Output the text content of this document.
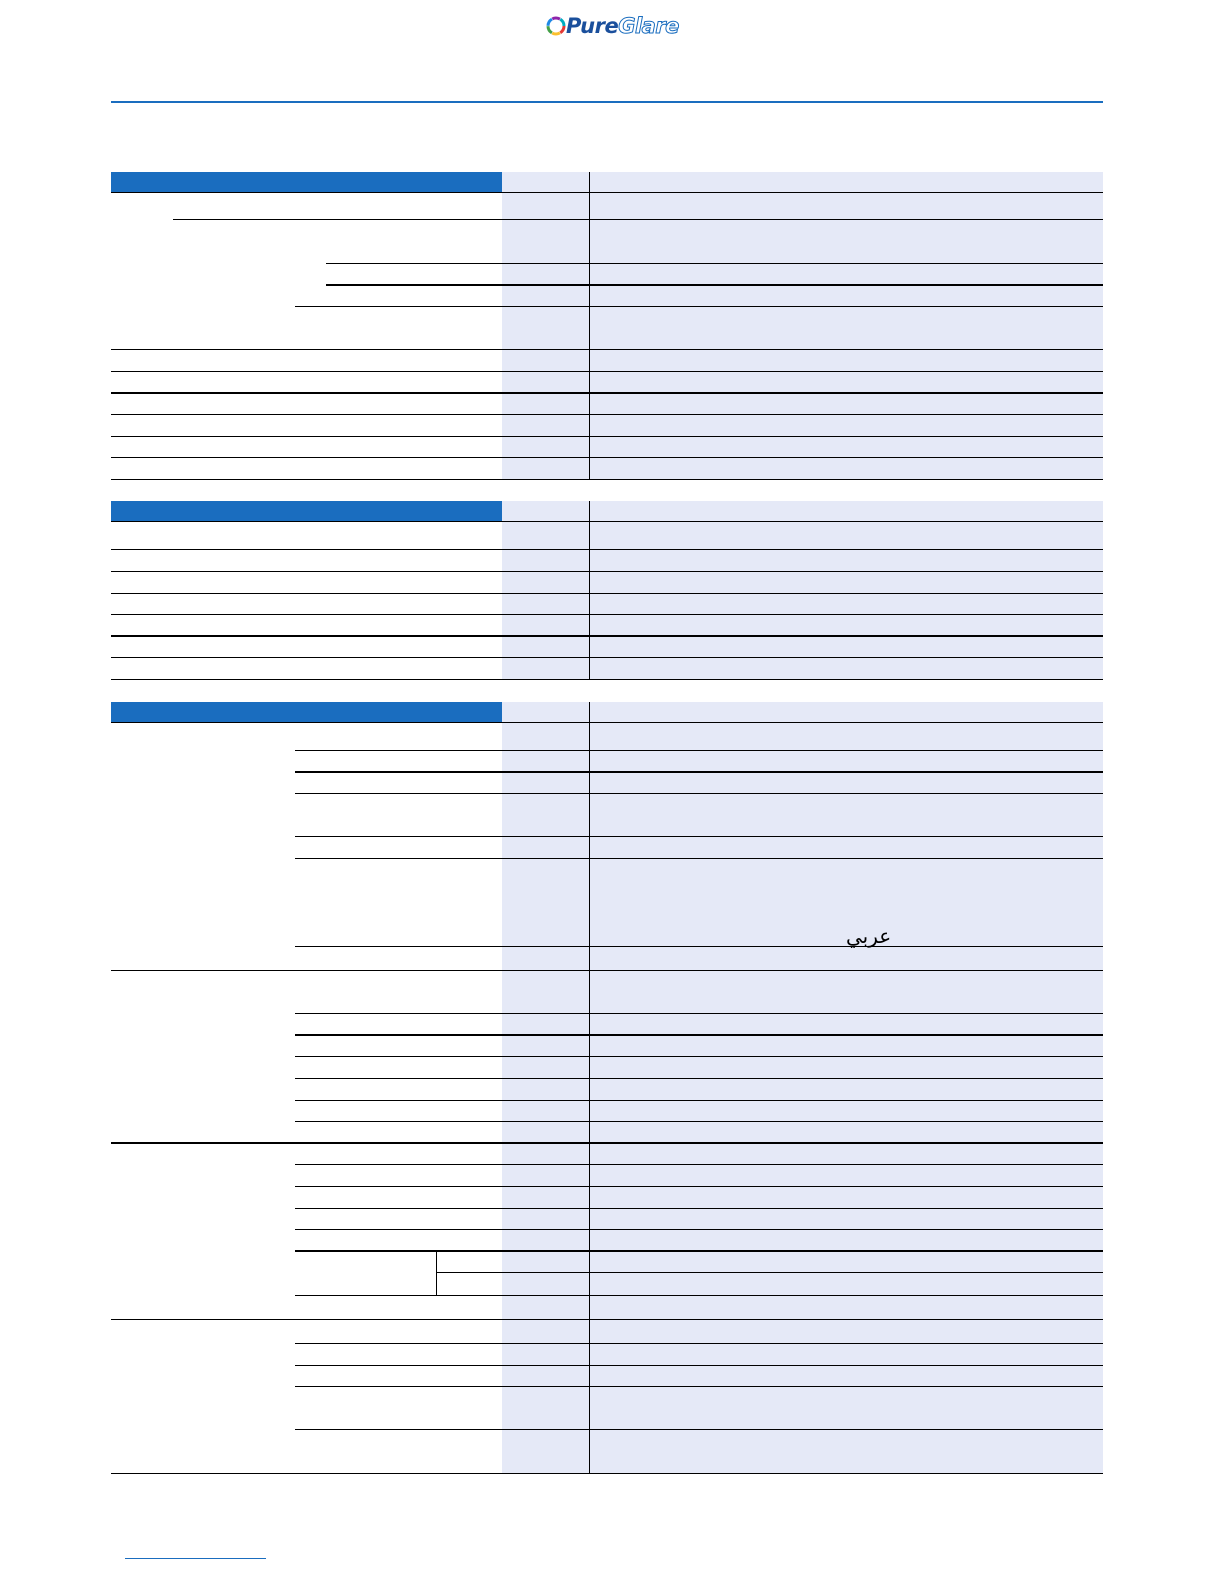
Pure Glare
عربي
